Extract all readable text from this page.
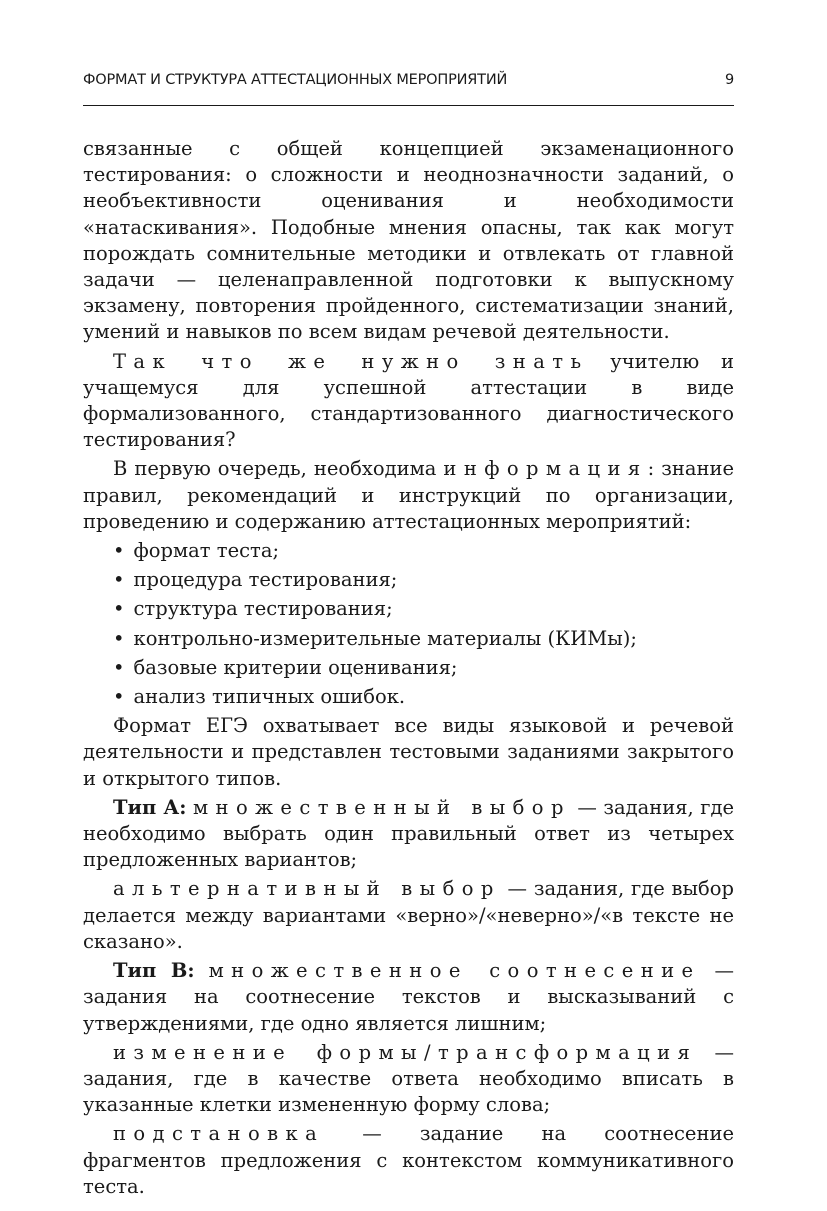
ФОРМАТ И СТРУКТУРА АТТЕСТАЦИОННЫХ МЕРОПРИЯТИЙ	9

связанные с общей концепцией экзаменационного тестирования: о сложности и неоднозначности заданий, о необъективности оценивания и необходимости «натаскивания». Подобные мнения опасны, так как могут порождать сомнительные методики и отвлекать от главной задачи — целенаправленной подготовки к выпускному экзамену, повторения пройденного, систематизации знаний, умений и навыков по всем видам речевой деятельности.

Так что же нужно знать учителю и учащемуся для успешной аттестации в виде формализованного, стандартизованного диагностического тестирования?

В первую очередь, необходима информация: знание правил, рекомендаций и инструкций по организации, проведению и содержанию аттестационных мероприятий:

• формат теста;

• процедура тестирования;

• структура тестирования;

• контрольно-измерительные материалы (КИМы);

• базовые критерии оценивания;

• анализ типичных ошибок.

Формат ЕГЭ охватывает все виды языковой и речевой деятельности и представлен тестовыми заданиями закрытого и открытого типов.

Тип А: множественный выбор — задания, где необходимо выбрать один правильный ответ из четырех предложенных вариантов;

альтернативный выбор — задания, где выбор делается между вариантами «верно»/«неверно»/«в тексте не сказано».

Тип В: множественное соотнесение — задания на соотнесение текстов и высказываний с утверждениями, где одно является лишним;

изменение формы/трансформация — задания, где в качестве ответа необходимо вписать в указанные клетки измененную форму слова;

подстановка — задание на соотнесение фрагментов предложения с контекстом коммуникативного теста.
